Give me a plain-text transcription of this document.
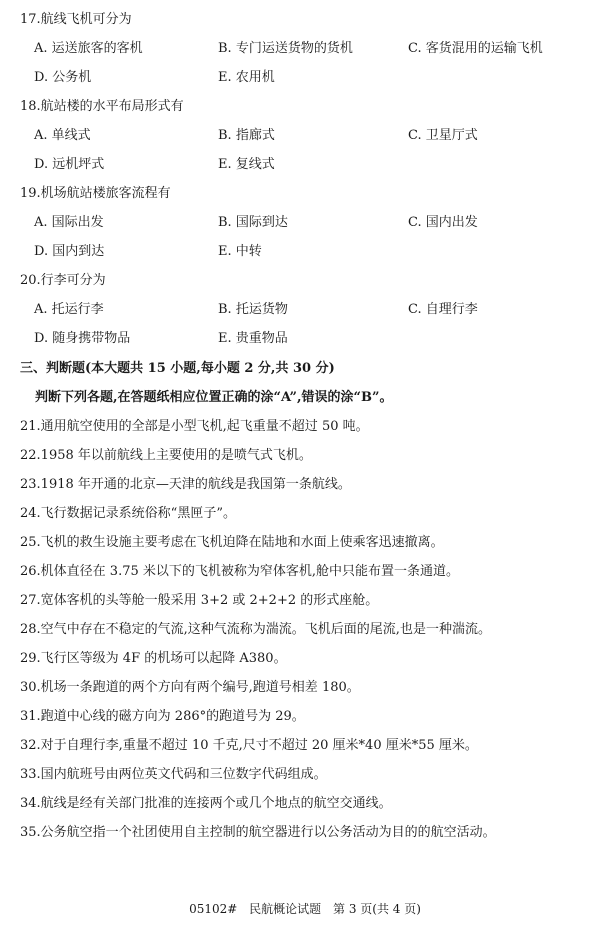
17.航线飞机可分为
A. 运送旅客的客机	B. 专门运送货物的货机	C. 客货混用的运输飞机
D. 公务机	E. 农用机
18.航站楼的水平布局形式有
A. 单线式	B. 指廊式	C. 卫星厅式
D. 远机坪式	E. 复线式
19.机场航站楼旅客流程有
A. 国际出发	B. 国际到达	C. 国内出发
D. 国内到达	E. 中转
20.行李可分为
A. 托运行李	B. 托运货物	C. 自理行李
D. 随身携带物品	E. 贵重物品
三、判断题(本大题共 15 小题,每小题 2 分,共 30 分)
判断下列各题,在答题纸相应位置正确的涂“A”,错误的涂“B”。
21.通用航空使用的全部是小型飞机,起飞重量不超过 50 吨。
22.1958 年以前航线上主要使用的是喷气式飞机。
23.1918 年开通的北京—天津的航线是我国第一条航线。
24.飞行数据记录系统俗称“黑匣子”。
25.飞机的救生设施主要考虑在飞机迫降在陆地和水面上使乘客迅速撤离。
26.机体直径在 3.75 米以下的飞机被称为窄体客机,舱中只能布置一条通道。
27.宽体客机的头等舱一般采用 3+2 或 2+2+2 的形式座舱。
28.空气中存在不稳定的气流,这种气流称为湍流。飞机后面的尾流,也是一种湍流。
29.飞行区等级为 4F 的机场可以起降 A380。
30.机场一条跑道的两个方向有两个编号,跑道号相差 180。
31.跑道中心线的磁方向为 286°的跑道号为 29。
32.对于自理行李,重量不超过 10 千克,尺寸不超过 20 厘米*40 厘米*55 厘米。
33.国内航班号由两位英文代码和三位数字代码组成。
34.航线是经有关部门批准的连接两个或几个地点的航空交通线。
35.公务航空指一个社团使用自主控制的航空器进行以公务活动为目的的航空活动。
05102# 民航概论试题 第 3 页(共 4 页)
